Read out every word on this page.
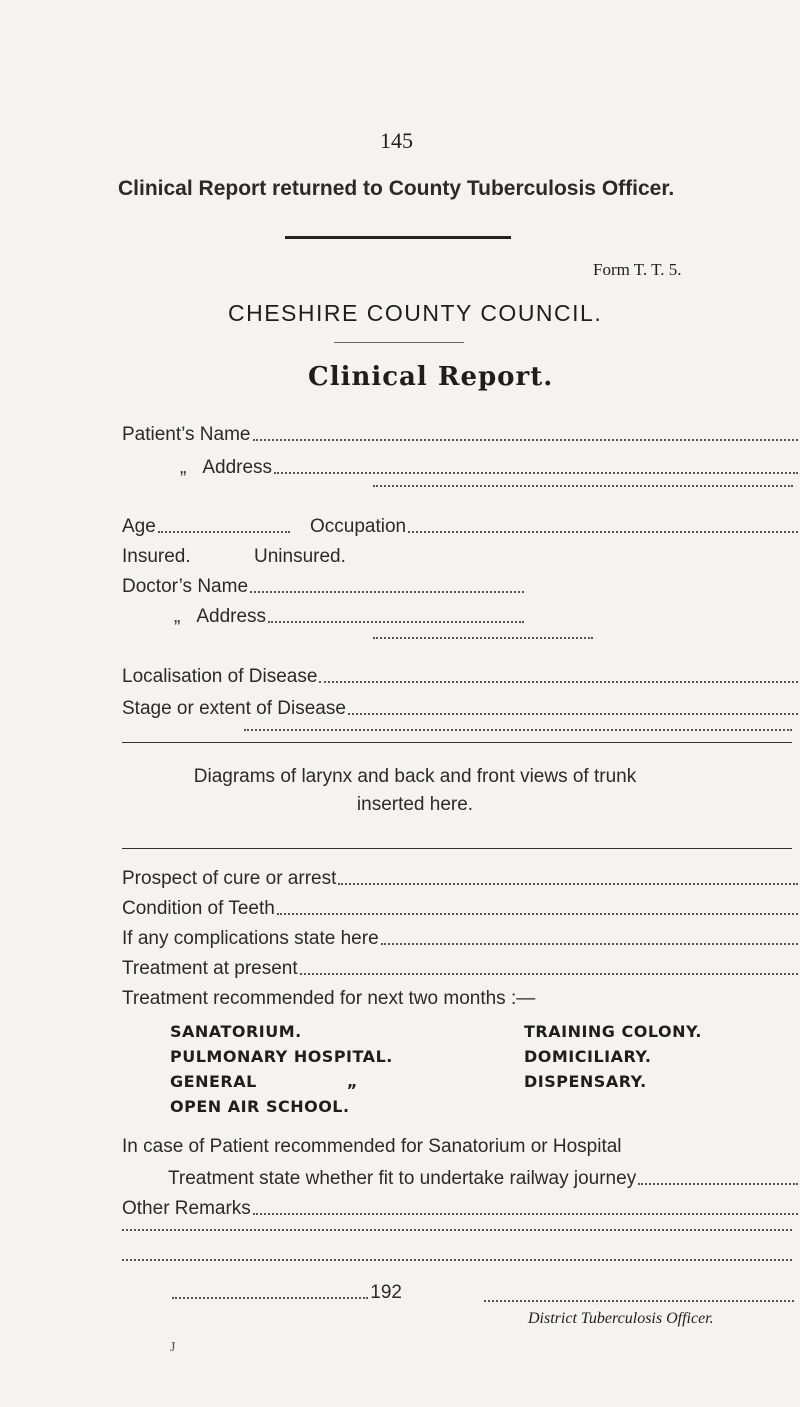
145
Clinical Report returned to County Tuberculosis Officer.
Form T. T. 5.
CHESHIRE COUNTY COUNCIL.
Clinical Report.
Patient’s Name
„ Address
Age	Occupation
Insured.	Uninsured.
Doctor’s Name
„ Address
Localisation of Disease
Stage or extent of Disease
Diagrams of larynx and back and front views of trunk
inserted here.
Prospect of cure or arrest
Condition of Teeth
If any complications state here
Treatment at present
Treatment recommended for next two months :—
SANATORIUM.	TRAINING COLONY.
PULMONARY HOSPITAL.	DOMICILIARY.
GENERAL	„	DISPENSARY.
OPEN AIR SCHOOL.
In case of Patient recommended for Sanatorium or Hospital
Treatment state whether fit to undertake railway journey
Other Remarks
192
District Tuberculosis Officer.
J
